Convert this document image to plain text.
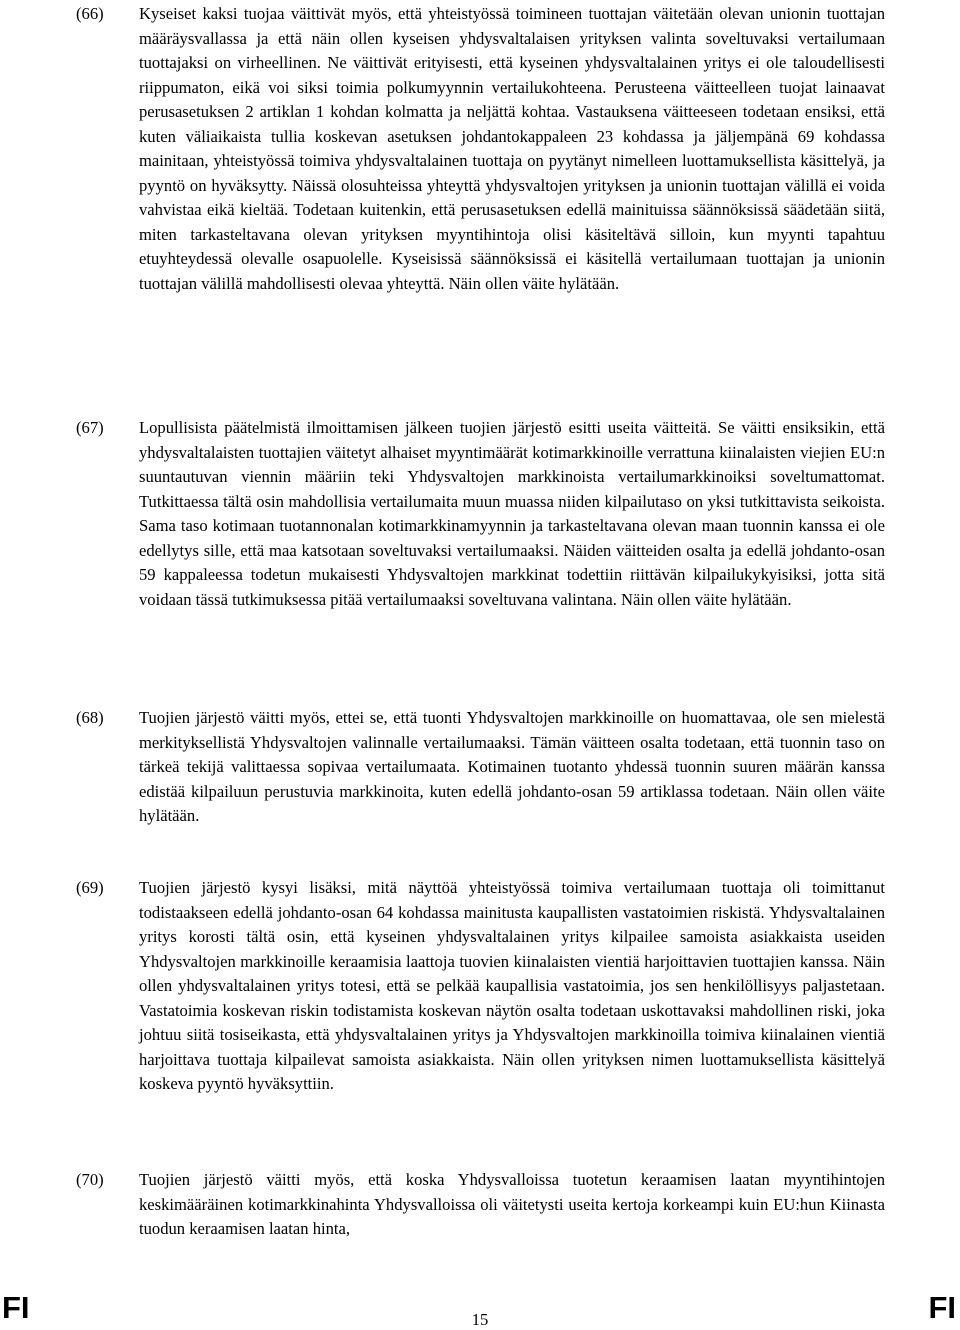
(66)	Kyseiset kaksi tuojaa väittivät myös, että yhteistyössä toimineen tuottajan väitetään olevan unionin tuottajan määräysvallassa ja että näin ollen kyseisen yhdysvaltalaisen yrityksen valinta soveltuvaksi vertailumaan tuottajaksi on virheellinen. Ne väittivät erityisesti, että kyseinen yhdysvaltalainen yritys ei ole taloudellisesti riippumaton, eikä voi siksi toimia polkumyynnin vertailukohteena. Perusteena väitteelleen tuojat lainaavat perusasetuksen 2 artiklan 1 kohdan kolmatta ja neljättä kohtaa. Vastauksena väitteeseen todetaan ensiksi, että kuten väliaikaista tullia koskevan asetuksen johdantokappaleen 23 kohdassa ja jäljempänä 69 kohdassa mainitaan, yhteistyössä toimiva yhdysvaltalainen tuottaja on pyytänyt nimelleen luottamuksellista käsittelyä, ja pyyntö on hyväksytty. Näissä olosuhteissa yhteyttä yhdysvaltojen yrityksen ja unionin tuottajan välillä ei voida vahvistaa eikä kieltää. Todetaan kuitenkin, että perusasetuksen edellä mainituissa säännöksissä säädetään siitä, miten tarkasteltavana olevan yrityksen myyntihintoja olisi käsiteltävä silloin, kun myynti tapahtuu etuyhteydessä olevalle osapuolelle. Kyseisissä säännöksissä ei käsitellä vertailumaan tuottajan ja unionin tuottajan välillä mahdollisesti olevaa yhteyttä. Näin ollen väite hylätään.

(67)	Lopullisista päätelmistä ilmoittamisen jälkeen tuojien järjestö esitti useita väitteitä. Se väitti ensiksikin, että yhdysvaltalaisten tuottajien väitetyt alhaiset myyntimäärät kotimarkkinoille verrattuna kiinalaisten viejien EU:n suuntautuvan viennin määriin teki Yhdysvaltojen markkinoista vertailumarkkinoiksi soveltumattomat. Tutkittaessa tältä osin mahdollisia vertailumaita muun muassa niiden kilpailutaso on yksi tutkittavista seikoista. Sama taso kotimaan tuotannonalan kotimarkkinamyynnin ja tarkasteltavana olevan maan tuonnin kanssa ei ole edellytys sille, että maa katsotaan soveltuvaksi vertailumaaksi. Näiden väitteiden osalta ja edellä johdanto-osan 59 kappaleessa todetun mukaisesti Yhdysvaltojen markkinat todettiin riittävän kilpailukykyisiksi, jotta sitä voidaan tässä tutkimuksessa pitää vertailumaaksi soveltuvana valintana. Näin ollen väite hylätään.

(68)	Tuojien järjestö väitti myös, ettei se, että tuonti Yhdysvaltojen markkinoille on huomattavaa, ole sen mielestä merkityksellistä Yhdysvaltojen valinnalle vertailumaaksi. Tämän väitteen osalta todetaan, että tuonnin taso on tärkeä tekijä valittaessa sopivaa vertailumaata. Kotimainen tuotanto yhdessä tuonnin suuren määrän kanssa edistää kilpailuun perustuvia markkinoita, kuten edellä johdanto-osan 59 artiklassa todetaan. Näin ollen väite hylätään.

(69)	Tuojien järjestö kysyi lisäksi, mitä näyttöä yhteistyössä toimiva vertailumaan tuottaja oli toimittanut todistaakseen edellä johdanto-osan 64 kohdassa mainitusta kaupallisten vastatoimien riskistä. Yhdysvaltalainen yritys korosti tältä osin, että kyseinen yhdysvaltalainen yritys kilpailee samoista asiakkaista useiden Yhdysvaltojen markkinoille keraamisia laattoja tuovien kiinalaisten vientiä harjoittavien tuottajien kanssa. Näin ollen yhdysvaltalainen yritys totesi, että se pelkää kaupallisia vastatoimia, jos sen henkilöllisyys paljastetaan. Vastatoimia koskevan riskin todistamista koskevan näytön osalta todetaan uskottavaksi mahdollinen riski, joka johtuu siitä tosiseikasta, että yhdysvaltalainen yritys ja Yhdysvaltojen markkinoilla toimiva kiinalainen vientiä harjoittava tuottaja kilpailevat samoista asiakkaista. Näin ollen yrityksen nimen luottamuksellista käsittelyä koskeva pyyntö hyväksyttiin.

(70)	Tuojien järjestö väitti myös, että koska Yhdysvalloissa tuotetun keraamisen laatan myyntihintojen keskimääräinen kotimarkkinahinta Yhdysvalloissa oli väitetysti useita kertoja korkeampi kuin EU:hun Kiinasta tuodun keraamisen laatan hinta,

FI	15	FI
